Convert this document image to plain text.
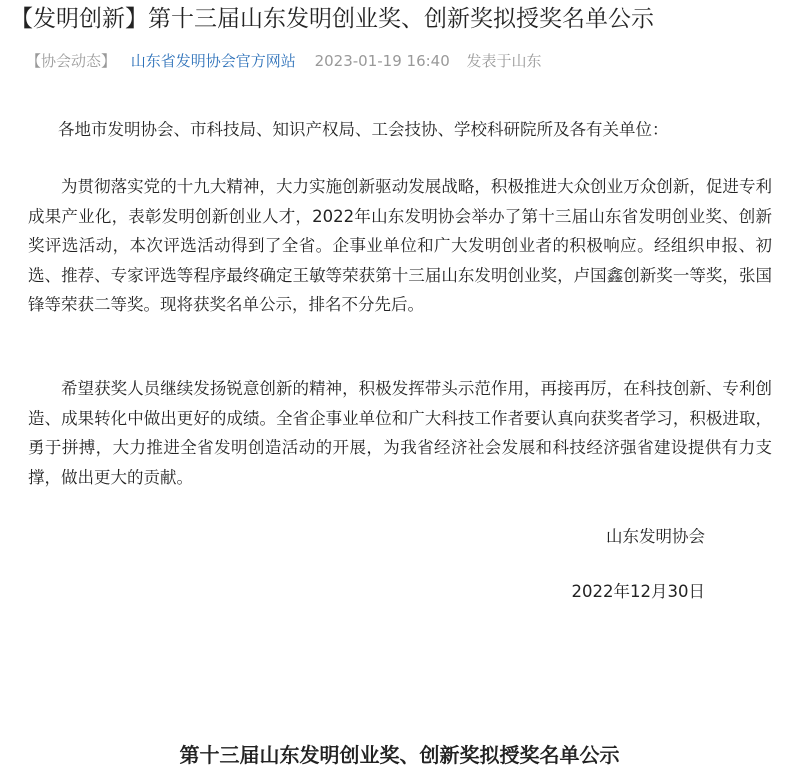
【发明创新】第十三届山东发明创业奖、创新奖拟授奖名单公示
【协会动态】 山东省发明协会官方网站 2023-01-19 16:40 发表于山东

各地市发明协会、市科技局、知识产权局、工会技协、学校科研院所及各有关单位：

为贯彻落实党的十九大精神，大力实施创新驱动发展战略，积极推进大众创业万众创新，促进专利成果产业化，表彰发明创新创业人才，2022年山东发明协会举办了第十三届山东省发明创业奖、创新奖评选活动，本次评选活动得到了全省。企事业单位和广大发明创业者的积极响应。经组织申报、初选、推荐、专家评选等程序最终确定王敏等荣获第十三届山东发明创业奖，卢国鑫创新奖一等奖，张国锋等荣获二等奖。现将获奖名单公示，排名不分先后。

希望获奖人员继续发扬锐意创新的精神，积极发挥带头示范作用，再接再厉，在科技创新、专利创造、成果转化中做出更好的成绩。全省企事业单位和广大科技工作者要认真向获奖者学习，积极进取，勇于拼搏，大力推进全省发明创造活动的开展，为我省经济社会发展和科技经济强省建设提供有力支撑，做出更大的贡献。

山东发明协会
2022年12月30日
第十三届山东发明创业奖、创新奖拟授奖名单公示
